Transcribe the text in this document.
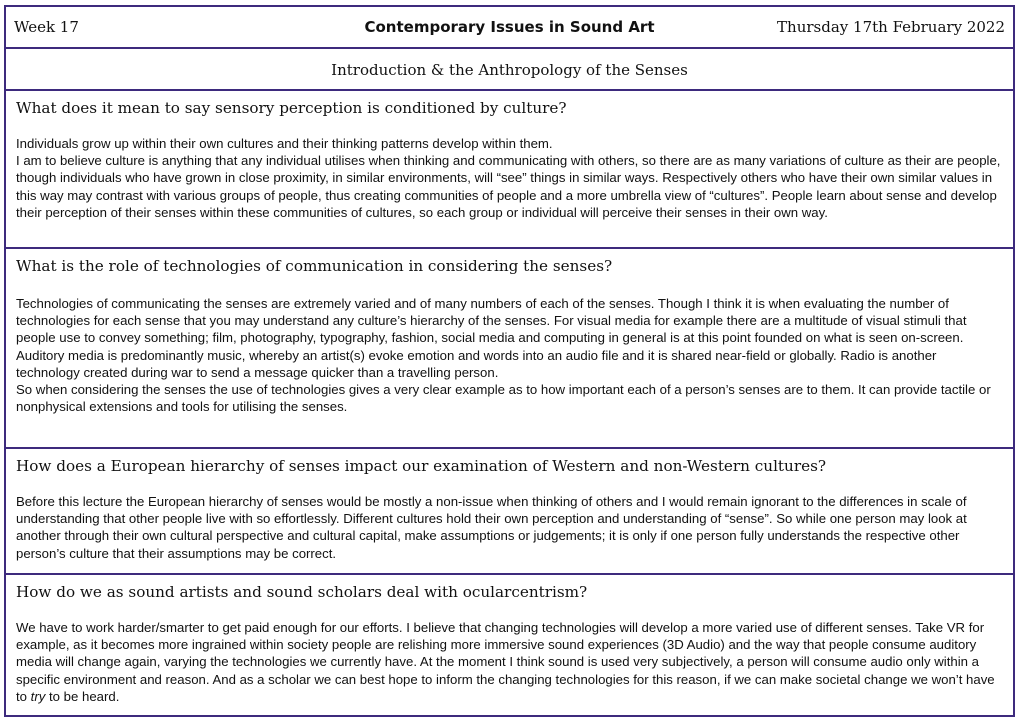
Week 17	Contemporary Issues in Sound Art	Thursday 17th February 2022
Introduction & the Anthropology of the Senses
What does it mean to say sensory perception is conditioned by culture?

Individuals grow up within their own cultures and their thinking patterns develop within them.

I am to believe culture is anything that any individual utilises when thinking and communicating with others, so there are as many variations of culture as their are people, though individuals who have grown in close proximity, in similar environments, will “see” things in similar ways. Respectively others who have their own similar values in this way may contrast with various groups of people, thus creating communities of people and a more umbrella view of “cultures”. People learn about sense and develop their perception of their senses within these communities of cultures, so each group or individual will perceive their senses in their own way.

What is the role of technologies of communication in considering the senses?

Technologies of communicating the senses are extremely varied and of many numbers of each of the senses. Though I think it is when evaluating the number of technologies for each sense that you may understand any culture’s hierarchy of the senses. For visual media for example there are a multitude of visual stimuli that people use to convey something; film, photography, typography, fashion, social media and computing in general is at this point founded on what is seen on-screen.

Auditory media is predominantly music, whereby an artist(s) evoke emotion and words into an audio file and it is shared near-field or globally. Radio is another technology created during war to send a message quicker than a travelling person.

So when considering the senses the use of technologies gives a very clear example as to how important each of a person’s senses are to them. It can provide tactile or nonphysical extensions and tools for utilising the senses.

How does a European hierarchy of senses impact our examination of Western and non-Western cultures?

Before this lecture the European hierarchy of senses would be mostly a non-issue when thinking of others and I would remain ignorant to the differences in scale of understanding that other people live with so effortlessly. Different cultures hold their own perception and understanding of “sense”. So while one person may look at another through their own cultural perspective and cultural capital, make assumptions or judgements; it is only if one person fully understands the respective other person’s culture that their assumptions may be correct.

How do we as sound artists and sound scholars deal with ocularcentrism?

We have to work harder/smarter to get paid enough for our efforts. I believe that changing technologies will develop a more varied use of different senses. Take VR for example, as it becomes more ingrained within society people are relishing more immersive sound experiences (3D Audio) and the way that people consume auditory media will change again, varying the technologies we currently have. At the moment I think sound is used very subjectively, a person will consume audio only within a specific environment and reason. And as a scholar we can best hope to inform the changing technologies for this reason, if we can make societal change we won’t have to try to be heard.
